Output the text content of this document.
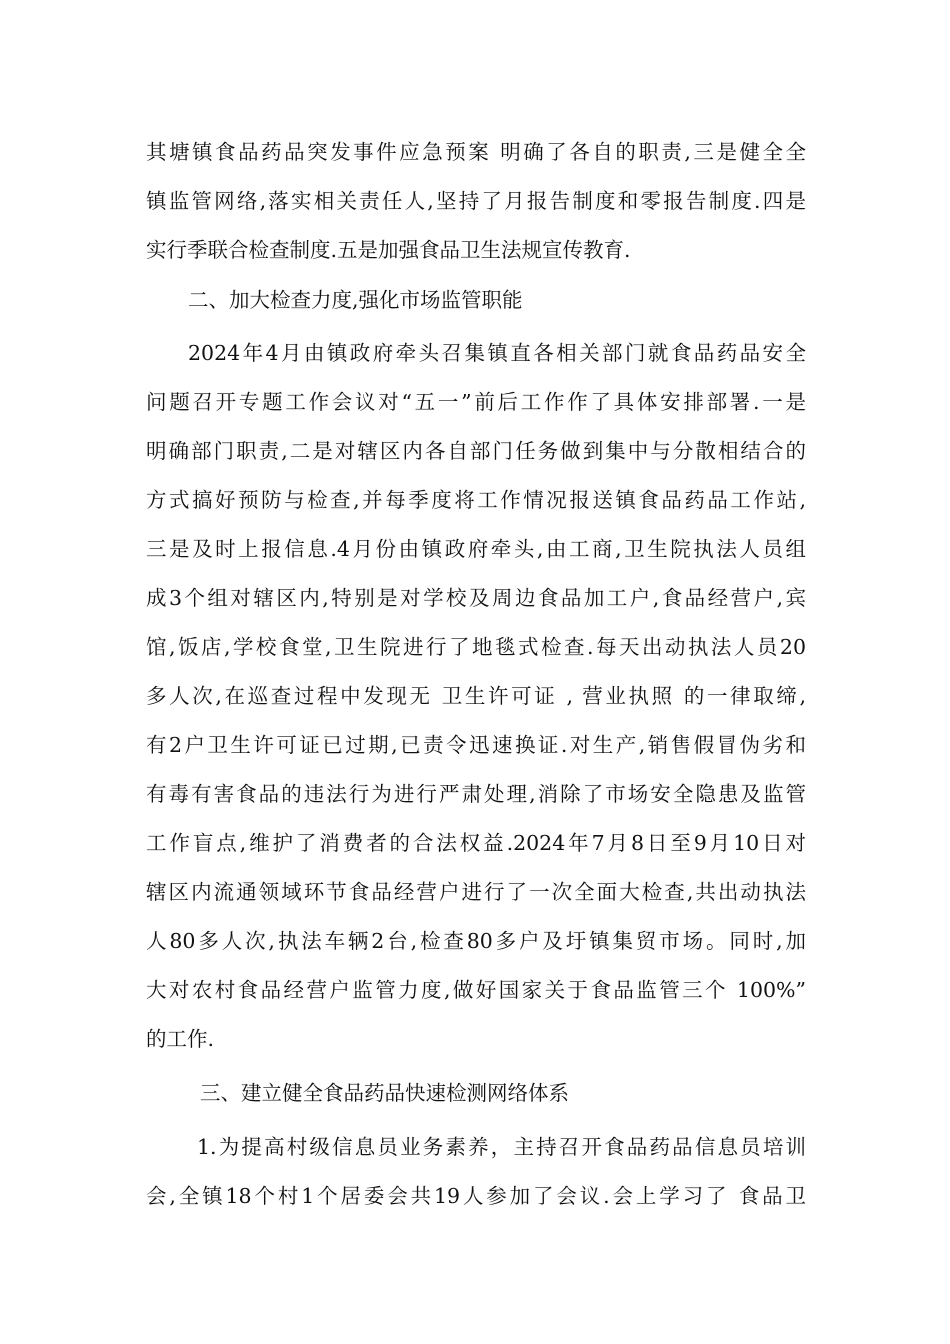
其塘镇食品药品突发事件应急预案 明确了各自的职责,三是健全全
镇监管网络,落实相关责任人,坚持了月报告制度和零报告制度.四是
实行季联合检查制度.五是加强食品卫生法规宣传教育.
二、加大检查力度,强化市场监管职能
2024年4月由镇政府牵头召集镇直各相关部门就食品药品安全
问题召开专题工作会议对“五一”前后工作作了具体安排部署.一是
明确部门职责,二是对辖区内各自部门任务做到集中与分散相结合的
方式搞好预防与检查,并每季度将工作情况报送镇食品药品工作站,
三是及时上报信息.4月份由镇政府牵头,由工商,卫生院执法人员组
成3个组对辖区内,特别是对学校及周边食品加工户,食品经营户,宾
馆,饭店,学校食堂,卫生院进行了地毯式检查.每天出动执法人员20
多人次,在巡查过程中发现无 卫生许可证 , 营业执照 的一律取缔,
有2户卫生许可证已过期,已责令迅速换证.对生产,销售假冒伪劣和
有毒有害食品的违法行为进行严肃处理,消除了市场安全隐患及监管
工作盲点,维护了消费者的合法权益.2024年7月8日至9月10日对
辖区内流通领域环节食品经营户进行了一次全面大检查,共出动执法
人80多人次,执法车辆2台,检查80多户及圩镇集贸市场。同时,加
大对农村食品经营户监管力度,做好国家关于食品监管三个 100%”
的工作.
三、建立健全食品药品快速检测网络体系
1.为提高村级信息员业务素养，主持召开食品药品信息员培训
会,全镇18个村1个居委会共19人参加了会议.会上学习了 食品卫
